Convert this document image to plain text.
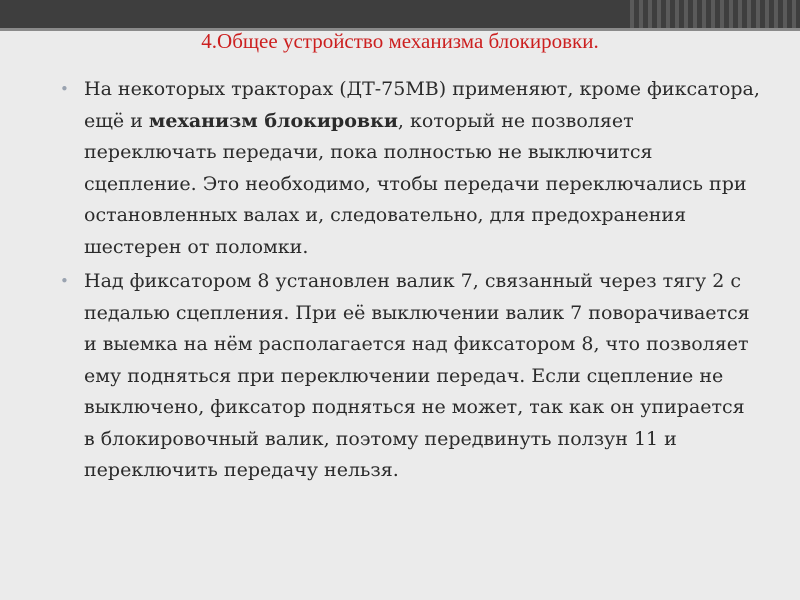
4.Общее устройство механизма блокировки.
• На некоторых тракторах (ДТ-75МВ) применяют, кроме фиксатора, ещё и механизм блокировки, который не позволяет переключать передачи, пока полностью не выключится сцепление. Это необходимо, чтобы передачи переключались при остановленных валах и, следовательно, для предохранения шестерен от поломки.
• Над фиксатором 8 установлен валик 7, связанный через тягу 2 с педалью сцепления. При её выключении валик 7 поворачивается и выемка на нём располагается над фиксатором 8, что позволяет ему подняться при переключении передач. Если сцепление не выключено, фиксатор подняться не может, так как он упирается в блокировочный валик, поэтому передвинуть ползун 11 и переключить передачу нельзя.
